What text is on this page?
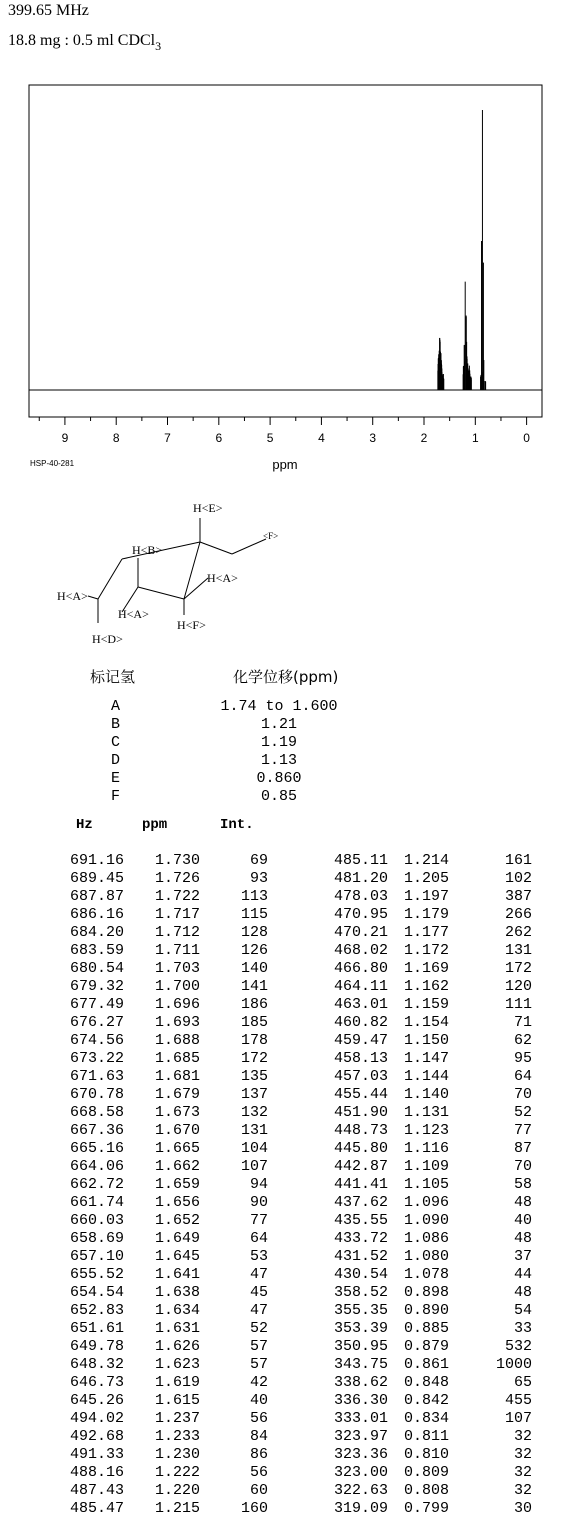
399.65 MHz
18.8 mg : 0.5 ml CDCl$_3$
9	8	7	6	5	4	3	2	1	0
ppm
HSP-40-281
H<E>
<F>
H<B>
H<A>
H<A>
H<A>
H<F>
H<D>
标记氢	化学位移(ppm)
A	1.74 to 1.600
B	1.21
C	1.19
D	1.13
E	0.860
F	0.85
Hz	ppm	Int.
691.16	1.730	69
689.45	1.726	93
687.87	1.722	113
686.16	1.717	115
684.20	1.712	128
683.59	1.711	126
680.54	1.703	140
679.32	1.700	141
677.49	1.696	186
676.27	1.693	185
674.56	1.688	178
673.22	1.685	172
671.63	1.681	135
670.78	1.679	137
668.58	1.673	132
667.36	1.670	131
665.16	1.665	104
664.06	1.662	107
662.72	1.659	94
661.74	1.656	90
660.03	1.652	77
658.69	1.649	64
657.10	1.645	53
655.52	1.641	47
654.54	1.638	45
652.83	1.634	47
651.61	1.631	52
649.78	1.626	57
648.32	1.623	57
646.73	1.619	42
645.26	1.615	40
494.02	1.237	56
492.68	1.233	84
491.33	1.230	86
488.16	1.222	56
487.43	1.220	60
485.47	1.215	160
485.11	1.214	161
481.20	1.205	102
478.03	1.197	387
470.95	1.179	266
470.21	1.177	262
468.02	1.172	131
466.80	1.169	172
464.11	1.162	120
463.01	1.159	111
460.82	1.154	71
459.47	1.150	62
458.13	1.147	95
457.03	1.144	64
455.44	1.140	70
451.90	1.131	52
448.73	1.123	77
445.80	1.116	87
442.87	1.109	70
441.41	1.105	58
437.62	1.096	48
435.55	1.090	40
433.72	1.086	48
431.52	1.080	37
430.54	1.078	44
358.52	0.898	48
355.35	0.890	54
353.39	0.885	33
350.95	0.879	532
343.75	0.861	1000
338.62	0.848	65
336.30	0.842	455
333.01	0.834	107
323.97	0.811	32
323.36	0.810	32
323.00	0.809	32
322.63	0.808	32
319.09	0.799	30
